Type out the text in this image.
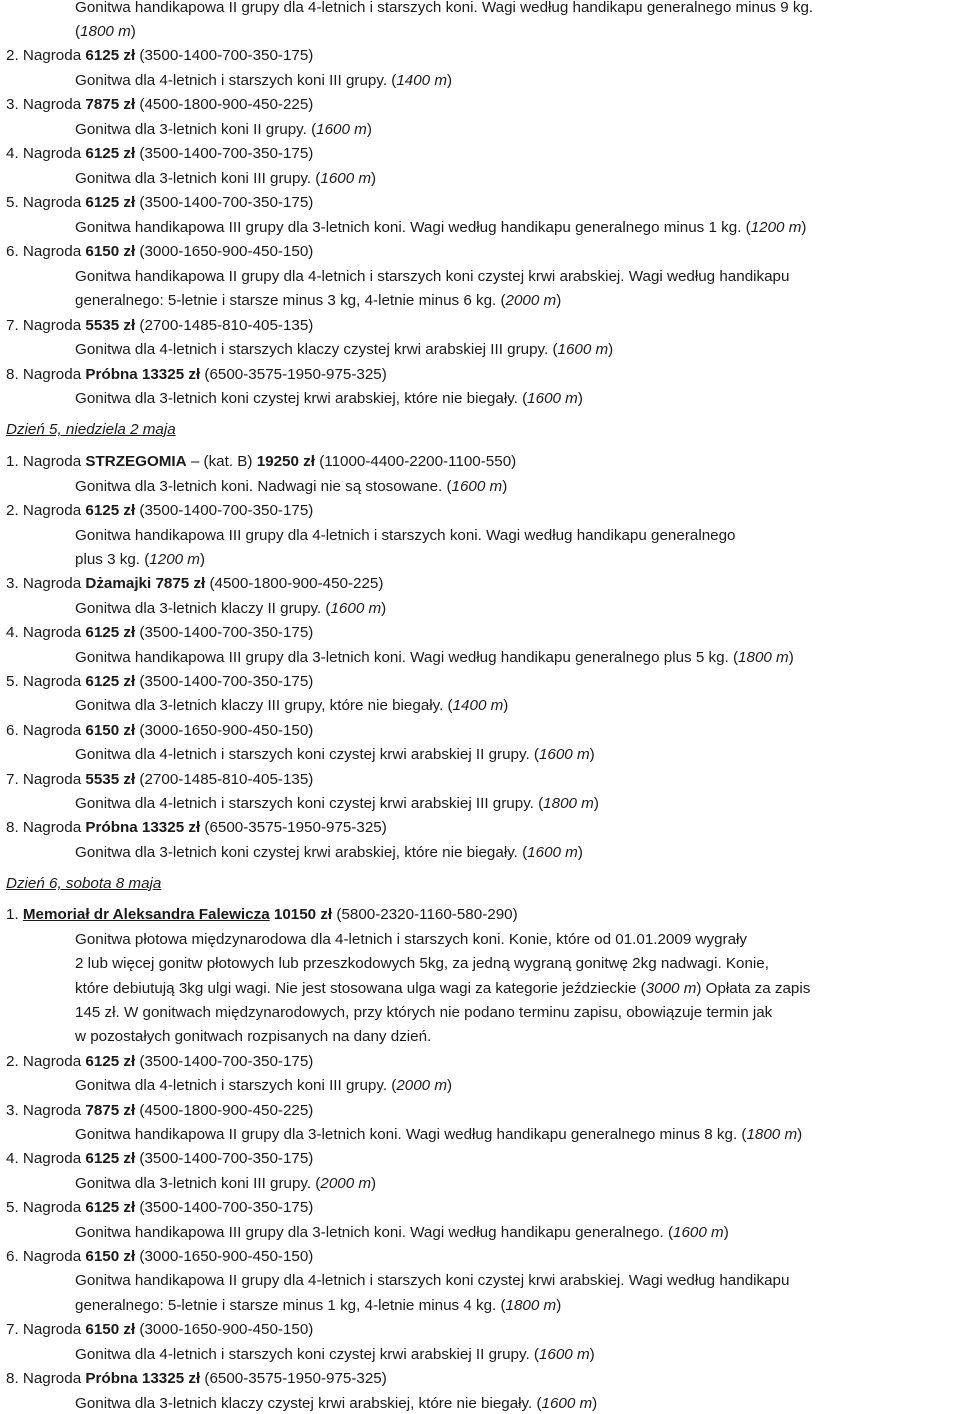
Gonitwa handikapowa II grupy dla 4-letnich i starszych koni. Wagi według handikapu generalnego minus 9 kg.
(1800 m)
2. Nagroda 6125 zł (3500-1400-700-350-175)
Gonitwa dla 4-letnich i starszych koni III grupy. (1400 m)
3. Nagroda 7875 zł (4500-1800-900-450-225)
Gonitwa dla 3-letnich koni II grupy. (1600 m)
4. Nagroda 6125 zł (3500-1400-700-350-175)
Gonitwa dla 3-letnich koni III grupy. (1600 m)
5. Nagroda 6125 zł (3500-1400-700-350-175)
Gonitwa handikapowa III grupy dla 3-letnich koni. Wagi według handikapu generalnego minus 1 kg. (1200 m)
6. Nagroda 6150 zł (3000-1650-900-450-150)
Gonitwa handikapowa II grupy dla 4-letnich i starszych koni czystej krwi arabskiej. Wagi według handikapu
generalnego: 5-letnie i starsze minus 3 kg, 4-letnie minus 6 kg. (2000 m)
7. Nagroda 5535 zł (2700-1485-810-405-135)
Gonitwa dla 4-letnich i starszych klaczy czystej krwi arabskiej III grupy. (1600 m)
8. Nagroda Próbna 13325 zł (6500-3575-1950-975-325)
Gonitwa dla 3-letnich koni czystej krwi arabskiej, które nie biegały. (1600 m)
Dzień 5, niedziela 2 maja
1. Nagroda STRZEGOMIA – (kat. B) 19250 zł (11000-4400-2200-1100-550)
Gonitwa dla 3-letnich koni. Nadwagi nie są stosowane. (1600 m)
2. Nagroda 6125 zł (3500-1400-700-350-175)
Gonitwa handikapowa III grupy dla 4-letnich i starszych koni. Wagi według handikapu generalnego
plus 3 kg. (1200 m)
3. Nagroda Dżamajki 7875 zł (4500-1800-900-450-225)
Gonitwa dla 3-letnich klaczy II grupy. (1600 m)
4. Nagroda 6125 zł (3500-1400-700-350-175)
Gonitwa handikapowa III grupy dla 3-letnich koni. Wagi według handikapu generalnego plus 5 kg. (1800 m)
5. Nagroda 6125 zł (3500-1400-700-350-175)
Gonitwa dla 3-letnich klaczy III grupy, które nie biegały. (1400 m)
6. Nagroda 6150 zł (3000-1650-900-450-150)
Gonitwa dla 4-letnich i starszych koni czystej krwi arabskiej II grupy. (1600 m)
7. Nagroda 5535 zł (2700-1485-810-405-135)
Gonitwa dla 4-letnich i starszych koni czystej krwi arabskiej III grupy. (1800 m)
8. Nagroda Próbna 13325 zł (6500-3575-1950-975-325)
Gonitwa dla 3-letnich koni czystej krwi arabskiej, które nie biegały. (1600 m)
Dzień 6, sobota 8 maja
1. Memoriał dr Aleksandra Falewicza 10150 zł (5800-2320-1160-580-290)
Gonitwa płotowa międzynarodowa dla 4-letnich i starszych koni. Konie, które od 01.01.2009 wygrały
2 lub więcej gonitw płotowych lub przeszkodowych 5kg, za jedną wygraną gonitwę 2kg nadwagi. Konie,
które debiutują 3kg ulgi wagi. Nie jest stosowana ulga wagi za kategorie jeździeckie (3000 m) Opłata za zapis
145 zł. W gonitwach międzynarodowych, przy których nie podano terminu zapisu, obowiązuje termin jak
w pozostałych gonitwach rozpisanych na dany dzień.
2. Nagroda 6125 zł (3500-1400-700-350-175)
Gonitwa dla 4-letnich i starszych koni III grupy. (2000 m)
3. Nagroda 7875 zł (4500-1800-900-450-225)
Gonitwa handikapowa II grupy dla 3-letnich koni. Wagi według handikapu generalnego minus 8 kg. (1800 m)
4. Nagroda 6125 zł (3500-1400-700-350-175)
Gonitwa dla 3-letnich koni III grupy. (2000 m)
5. Nagroda 6125 zł (3500-1400-700-350-175)
Gonitwa handikapowa III grupy dla 3-letnich koni. Wagi według handikapu generalnego. (1600 m)
6. Nagroda 6150 zł (3000-1650-900-450-150)
Gonitwa handikapowa II grupy dla 4-letnich i starszych koni czystej krwi arabskiej. Wagi według handikapu
generalnego: 5-letnie i starsze minus 1 kg, 4-letnie minus 4 kg. (1800 m)
7. Nagroda 6150 zł (3000-1650-900-450-150)
Gonitwa dla 4-letnich i starszych koni czystej krwi arabskiej II grupy. (1600 m)
8. Nagroda Próbna 13325 zł (6500-3575-1950-975-325)
Gonitwa dla 3-letnich klaczy czystej krwi arabskiej, które nie biegały. (1600 m)
